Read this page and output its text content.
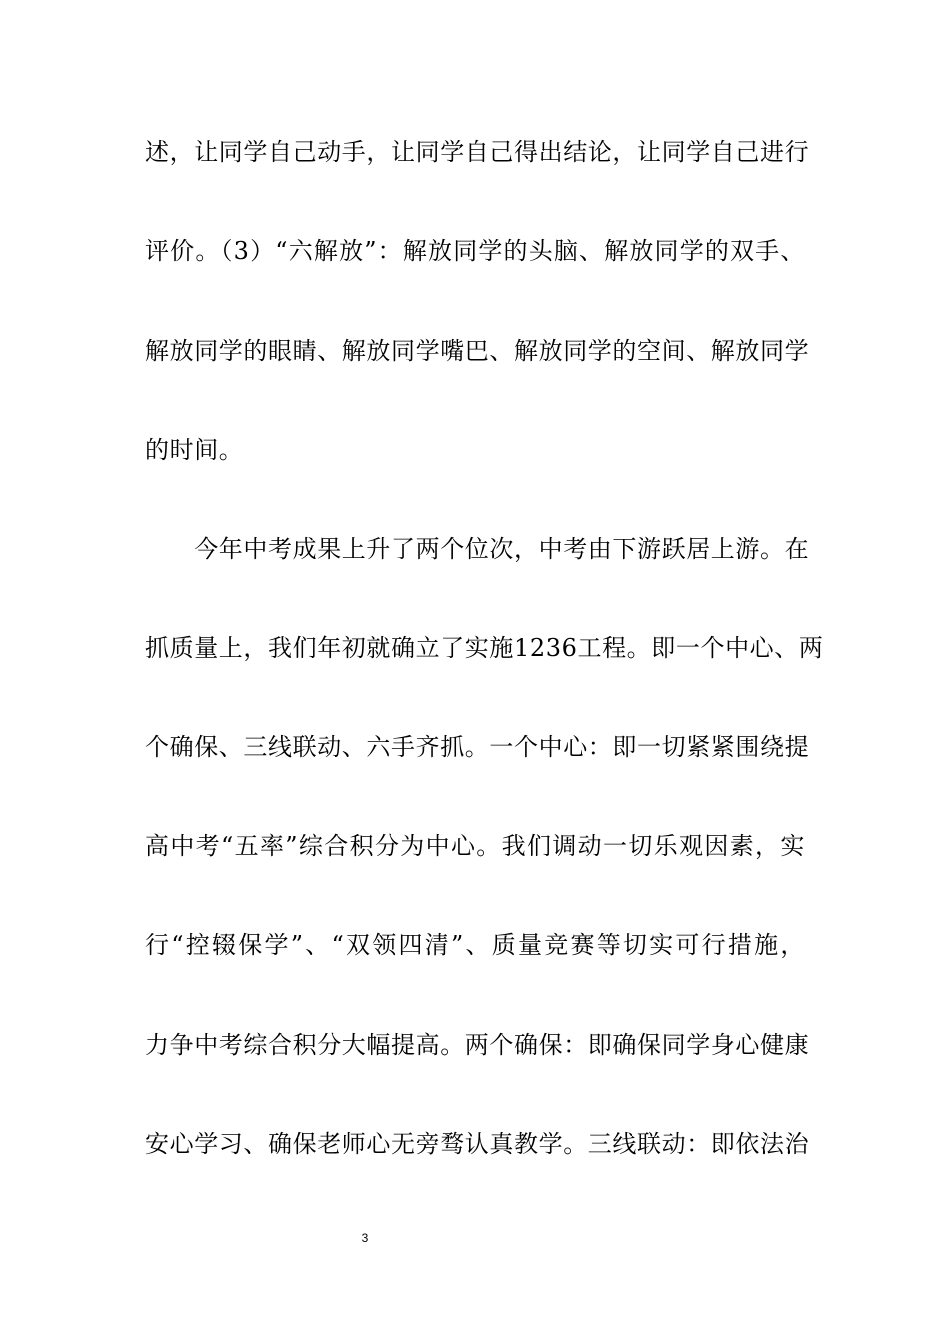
述，让同学自己动手，让同学自己得出结论，让同学自己进行
评价。（3）“六解放”：解放同学的头脑、解放同学的双手、
解放同学的眼睛、解放同学嘴巴、解放同学的空间、解放同学
的时间。
　　今年中考成果上升了两个位次，中考由下游跃居上游。在
抓质量上，我们年初就确立了实施1236工程。即一个中心、两
个确保、三线联动、六手齐抓。一个中心：即一切紧紧围绕提
高中考“五率”综合积分为中心。我们调动一切乐观因素，实
行“控辍保学”、“双领四清”、质量竞赛等切实可行措施，
力争中考综合积分大幅提高。两个确保：即确保同学身心健康
安心学习、确保老师心无旁骛认真教学。三线联动：即依法治
3
